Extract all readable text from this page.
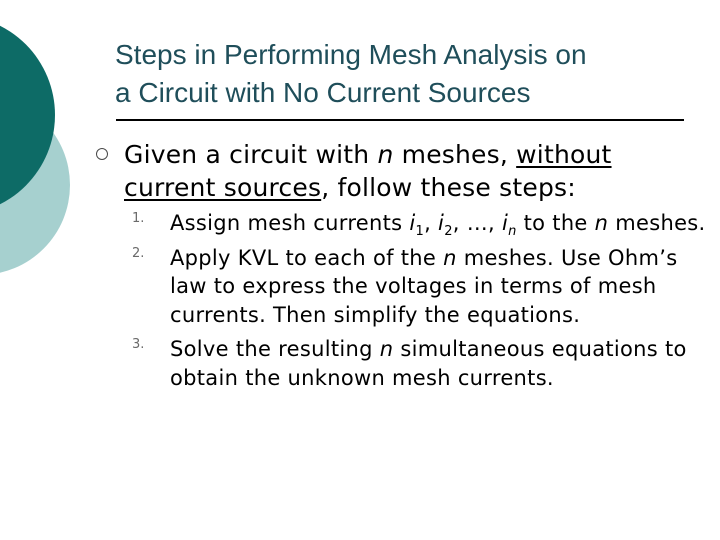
Steps in Performing Mesh Analysis on
a Circuit with No Current Sources
Given a circuit with n meshes, without current sources, follow these steps:
1. Assign mesh currents $i_1$, $i_2$, …, $i_n$ to the n meshes.
2. Apply KVL to each of the n meshes. Use Ohm’s law to express the voltages in terms of mesh currents. Then simplify the equations.
3. Solve the resulting n simultaneous equations to obtain the unknown mesh currents.
